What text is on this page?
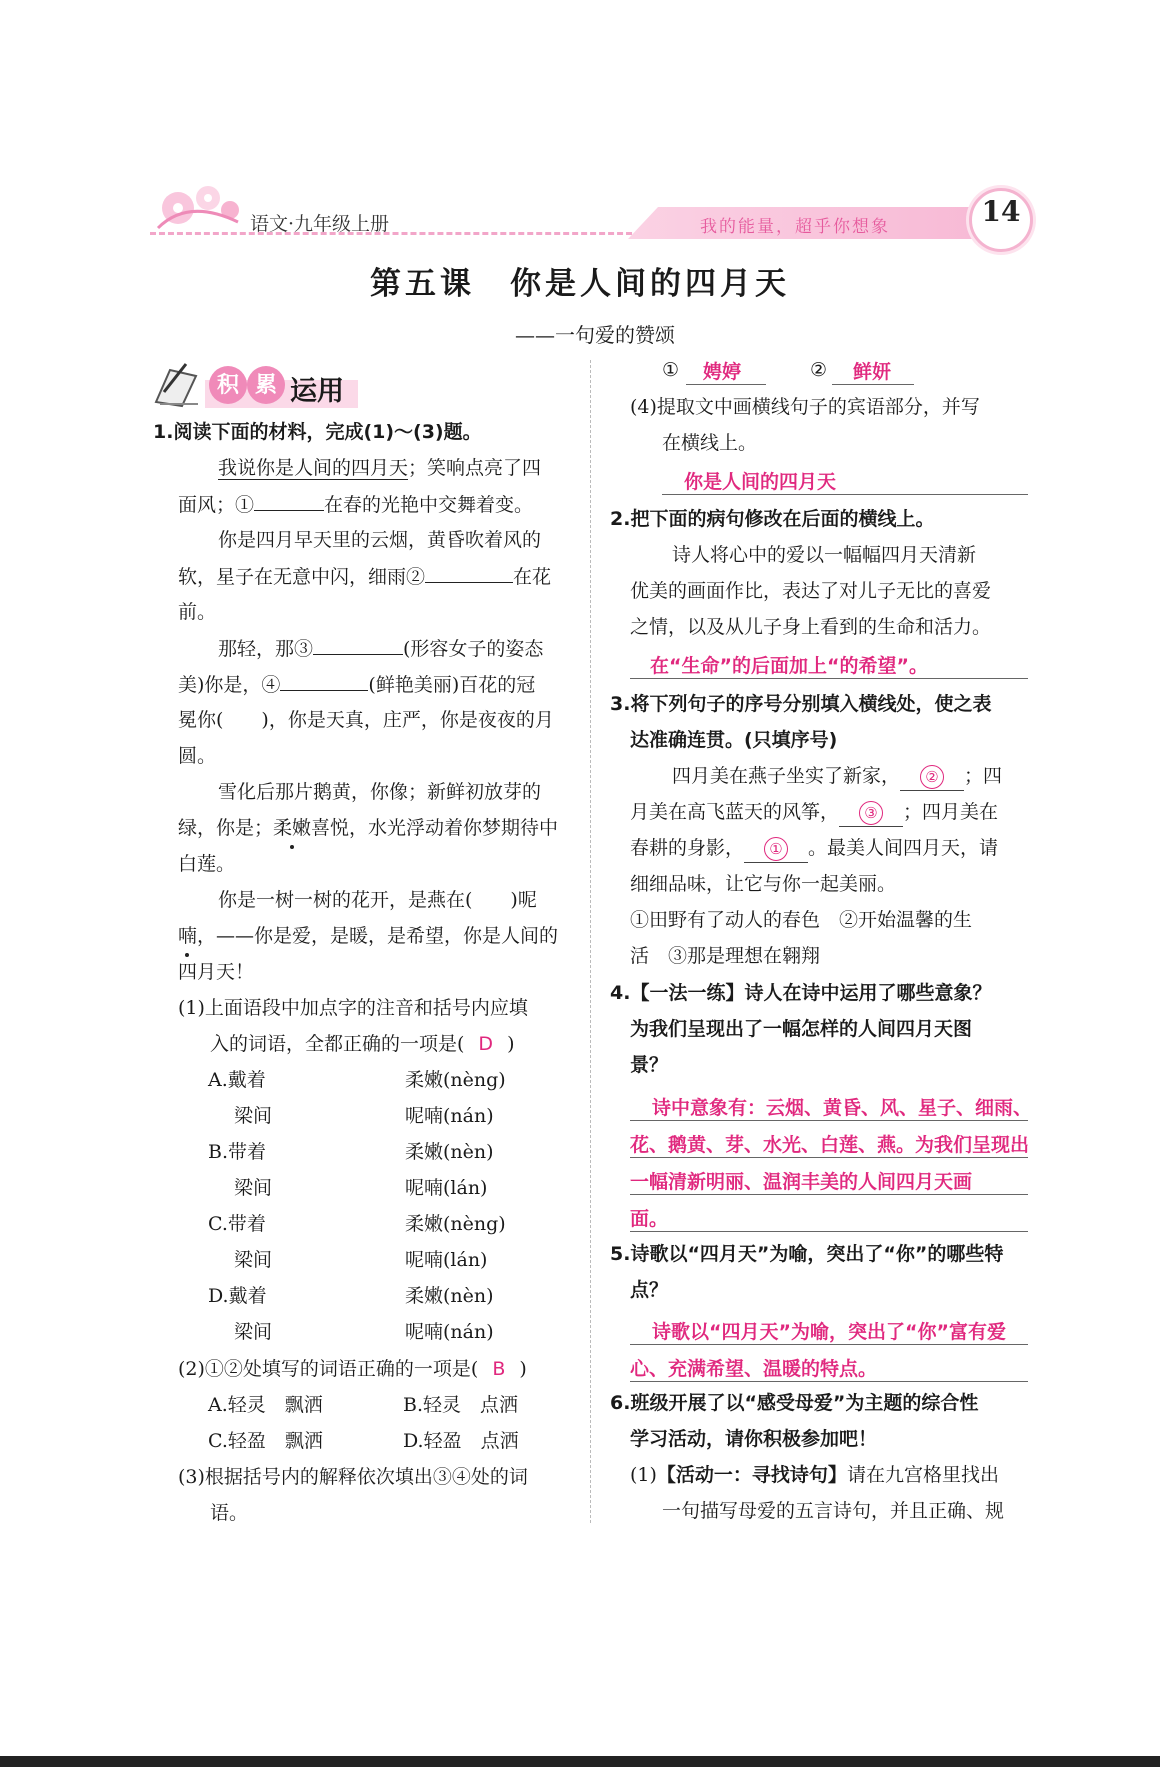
语文·九年级上册	我的能量，超乎你想象	14
第五课　你是人间的四月天
——一句爱的赞颂
积 累 运用
1.阅读下面的材料，完成(1)～(3)题。
我说你是人间的四月天；笑响点亮了四
面风；①	在春的光艳中交舞着变。
你是四月早天里的云烟，黄昏吹着风的
软，星子在无意中闪，细雨②	在花
前。
那轻，那③	(形容女子的姿态
美)你是，④	(鲜艳美丽)百花的冠
冕你(　　)，你是天真，庄严，你是夜夜的月
圆。
雪化后那片鹅黄，你像；新鲜初放芽的
绿，你是；柔嫩喜悦，水光浮动着你梦期待中
白莲。
你是一树一树的花开，是燕在(　　)呢
喃，——你是爱，是暖，是希望，你是人间的
四月天！
(1)上面语段中加点字的注音和括号内应填
入的词语，全都正确的一项是( D )
A.戴着	柔嫩(nèng)
梁间	呢喃(nán)
B.带着	柔嫩(nèn)
梁间	呢喃(lán)
C.带着	柔嫩(nèng)
梁间	呢喃(lán)
D.戴着	柔嫩(nèn)
梁间	呢喃(nán)
(2)①②处填写的词语正确的一项是( B )
A.轻灵　飘洒	B.轻灵　点洒
C.轻盈　飘洒	D.轻盈　点洒
(3)根据括号内的解释依次填出③④处的词
语。
① 娉婷	② 鲜妍
(4)提取文中画横线句子的宾语部分，并写
在横线上。
你是人间的四月天
2.把下面的病句修改在后面的横线上。
诗人将心中的爱以一幅幅四月天清新
优美的画面作比，表达了对儿子无比的喜爱
之情，以及从儿子身上看到的生命和活力。
在“生命”的后面加上“的希望”。
3.将下列句子的序号分别填入横线处，使之表
达准确连贯。(只填序号)
四月美在燕子坐实了新家， ② ；四
月美在高飞蓝天的风筝， ③ ；四月美在
春耕的身影， ① 。最美人间四月天，请
细细品味，让它与你一起美丽。
①田野有了动人的春色　②开始温馨的生
活　③那是理想在翱翔
4.【一法一练】诗人在诗中运用了哪些意象？
为我们呈现出了一幅怎样的人间四月天图
景？
诗中意象有：云烟、黄昏、风、星子、细雨、
花、鹅黄、芽、水光、白莲、燕。为我们呈现出
一幅清新明丽、温润丰美的人间四月天画
面。
5.诗歌以“四月天”为喻，突出了“你”的哪些特
点？
诗歌以“四月天”为喻，突出了“你”富有爱
心、充满希望、温暖的特点。
6.班级开展了以“感受母爱”为主题的综合性
学习活动，请你积极参加吧！
(1)【活动一：寻找诗句】请在九宫格里找出
一句描写母爱的五言诗句，并且正确、规
